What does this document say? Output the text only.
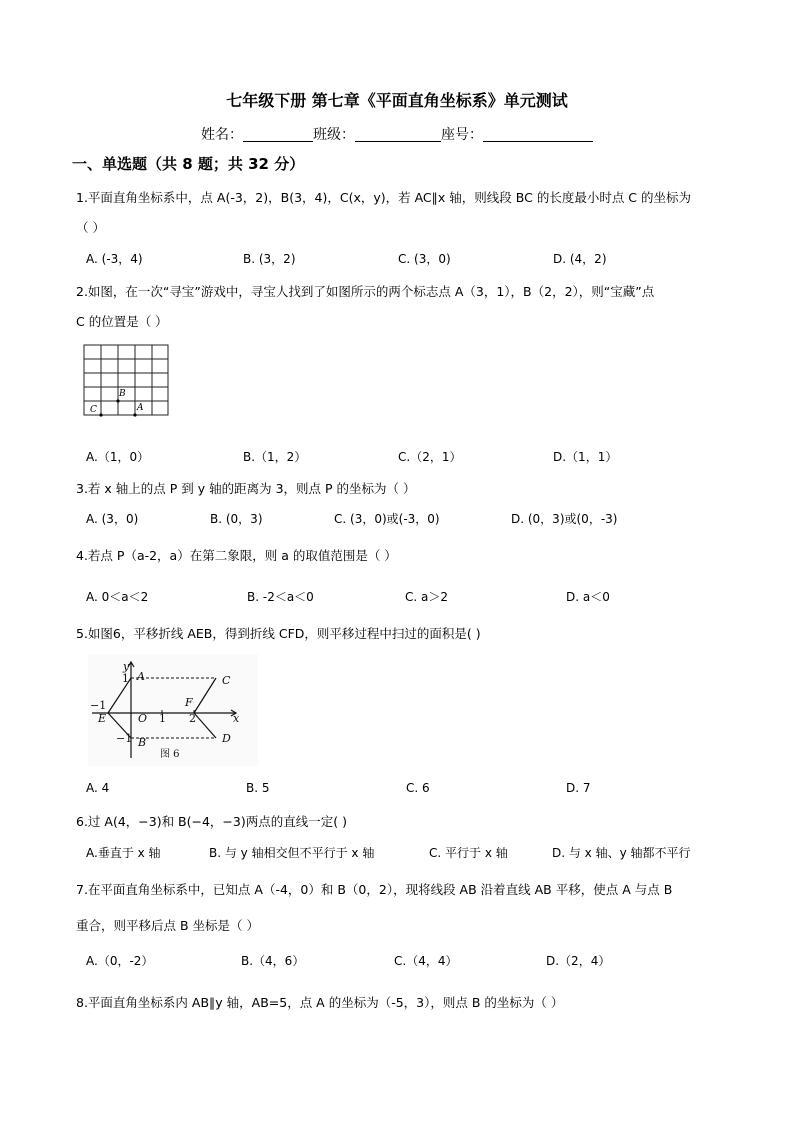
七年级下册 第七章《平面直角坐标系》单元测试
姓名：	班级：	座号：
一、单选题（共 8 题；共 32 分）
1.平面直角坐标系中，点 A(-3，2)，B(3，4)，C(x，y)，若 AC∥x 轴，则线段 BC 的长度最小时点 C 的坐标为
（ ）
A. (-3，4)	B. (3，2)	C. (3，0)	D. (4，2)
2.如图，在一次“寻宝”游戏中，寻宝人找到了如图所示的两个标志点 A（3，1），B（2，2），则“宝藏”点
C 的位置是（ ）
C
B
A
A.（1，0）	B.（1，2）	C.（2，1）	D.（1，1）
3.若 x 轴上的点 P 到 y 轴的距离为 3，则点 P 的坐标为（ ）
A. (3，0)	B. (0，3)	C. (3，0)或(-3，0)	D. (0，3)或(0，-3)
4.若点 P（a-2，a）在第二象限，则 a 的取值范围是（ ）
A. 0＜a＜2	B. -2＜a＜0	C. a＞2	D. a＜0
5.如图6，平移折线 AEB，得到折线 CFD，则平移过程中扫过的面积是( )
y
x
A	C
E
F
B	D
O
1
−1
1 2
−1
图 6
A. 4	B. 5	C. 6	D. 7
6.过 A(4，−3)和 B(−4，−3)两点的直线一定( )
A.垂直于 x 轴	B. 与 y 轴相交但不平行于 x 轴	C. 平行于 x 轴	D. 与 x 轴、y 轴都不平行
7.在平面直角坐标系中，已知点 A（-4，0）和 B（0，2），现将线段 AB 沿着直线 AB 平移，使点 A 与点 B
重合，则平移后点 B 坐标是（ ）
A.（0，-2）	B.（4，6）	C.（4，4）	D.（2，4）
8.平面直角坐标系内 AB∥y 轴，AB=5，点 A 的坐标为（-5，3），则点 B 的坐标为（ ）
